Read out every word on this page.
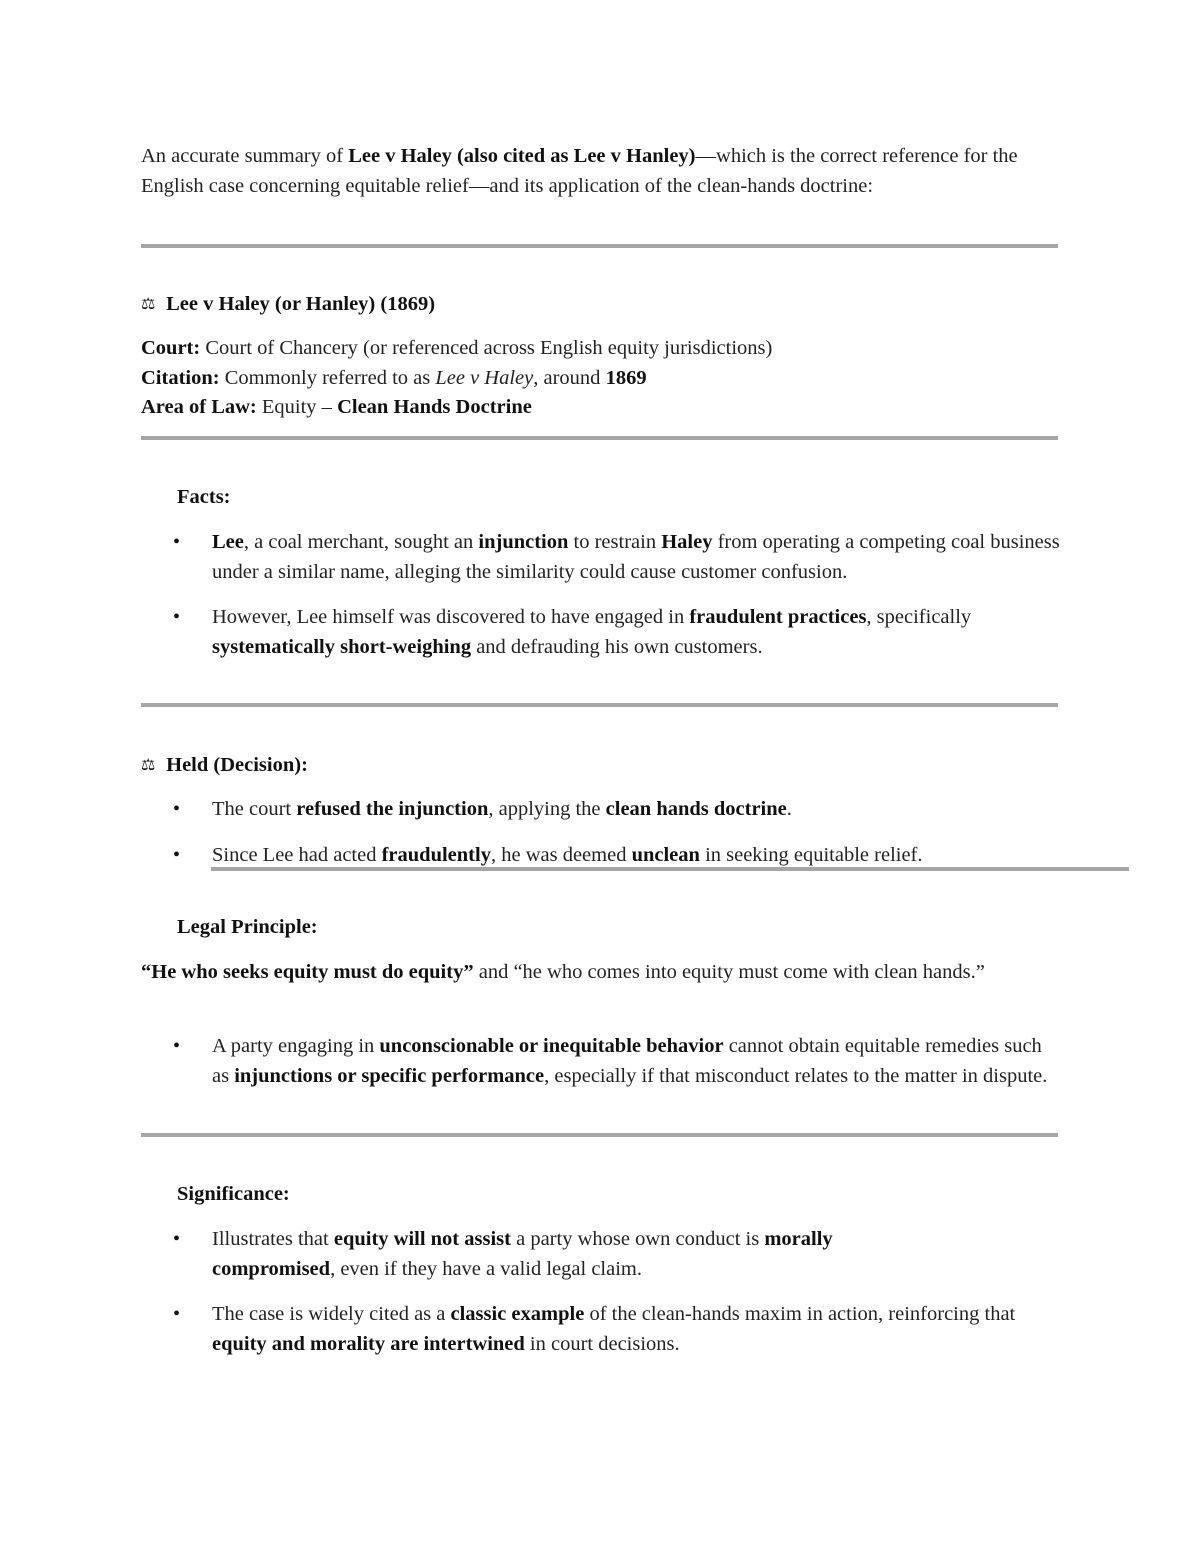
An accurate summary of Lee v Haley (also cited as Lee v Hanley)—which is the correct reference for the English case concerning equitable relief—and its application of the clean-hands doctrine:

⚖ Lee v Haley (or Hanley) (1869)

Court: Court of Chancery (or referenced across English equity jurisdictions)
Citation: Commonly referred to as Lee v Haley, around 1869
Area of Law: Equity – Clean Hands Doctrine

Facts:

• Lee, a coal merchant, sought an injunction to restrain Haley from operating a competing coal business under a similar name, alleging the similarity could cause customer confusion.
• However, Lee himself was discovered to have engaged in fraudulent practices, specifically systematically short-weighing and defrauding his own customers.

⚖ Held (Decision):

• The court refused the injunction, applying the clean hands doctrine.
• Since Lee had acted fraudulently, he was deemed unclean in seeking equitable relief.

Legal Principle:

“He who seeks equity must do equity” and “he who comes into equity must come with clean hands.”

• A party engaging in unconscionable or inequitable behavior cannot obtain equitable remedies such as injunctions or specific performance, especially if that misconduct relates to the matter in dispute.

Significance:

• Illustrates that equity will not assist a party whose own conduct is morally compromised, even if they have a valid legal claim.
• The case is widely cited as a classic example of the clean-hands maxim in action, reinforcing that equity and morality are intertwined in court decisions.
